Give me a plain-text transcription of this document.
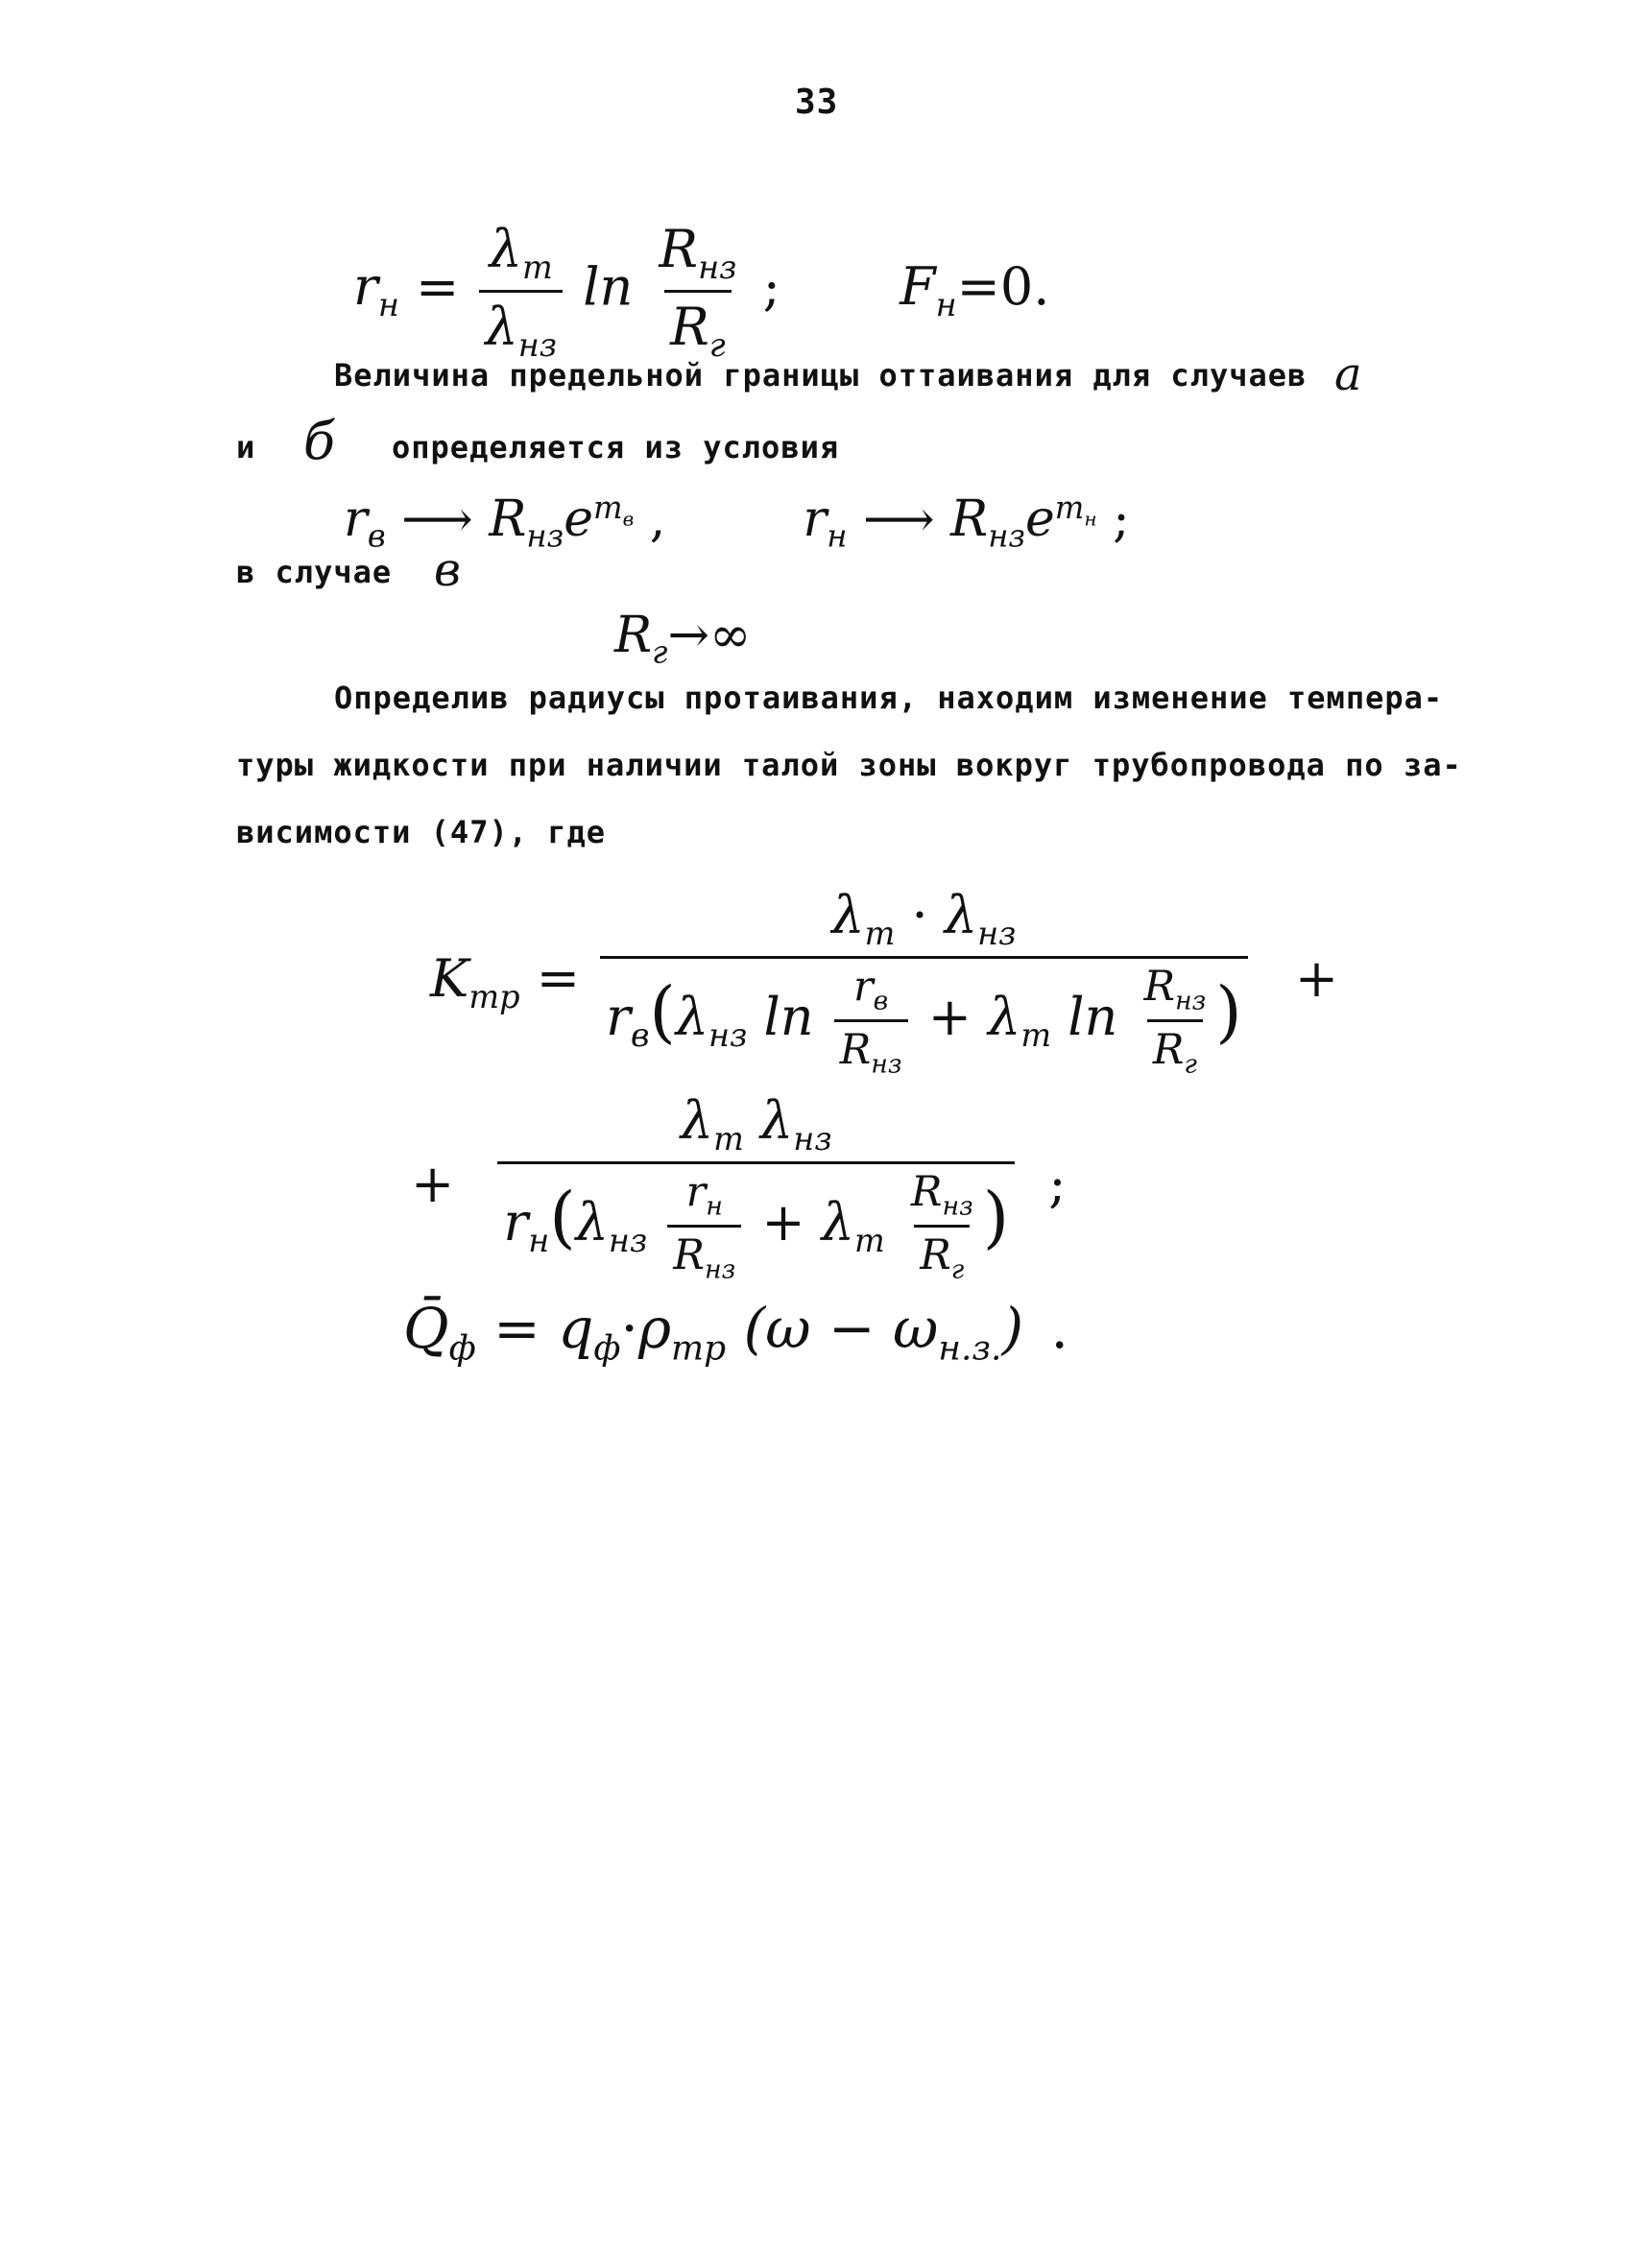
33
$r_н = \frac{\lambda_т}{\lambda_{нз}}$ $\ln \frac{R_{нз}}{R_г}$ ; $F_н=0$.
Величина предельной границы оттаивания для случаев а
и б определяется из условия
$r_в$ ⟶ $R_{нз}e^{m_в}$ ,	$r_н$ ⟶ $R_{нз}e^{m_н}$ ;
в случае в
$R_г\to\infty$
Определив радиусы протаивания, находим изменение темпера-
туры жидкости при наличии талой зоны вокруг трубопровода по за-
висимости (47), где
$K_{тр}$ =
$\lambda_т \cdot \lambda_{нз}$
$r_в(\lambda_{нз}$ $\ln \frac{r_в}{R_{нз}} + \lambda_т$ $\ln \frac{R_{нз}}{R_г}$ ) +
+
$\lambda_т$ $\lambda_{нз}$
$r_н(\lambda_{нз} \frac{r_н}{R_{нз}} + \lambda_т \frac{R_{нз}}{R_г}$ ) ;
$Q̄_ф = q_ф\cdot\rho_{тр}$ $(\omega - \omega_{н.з.})$ .
